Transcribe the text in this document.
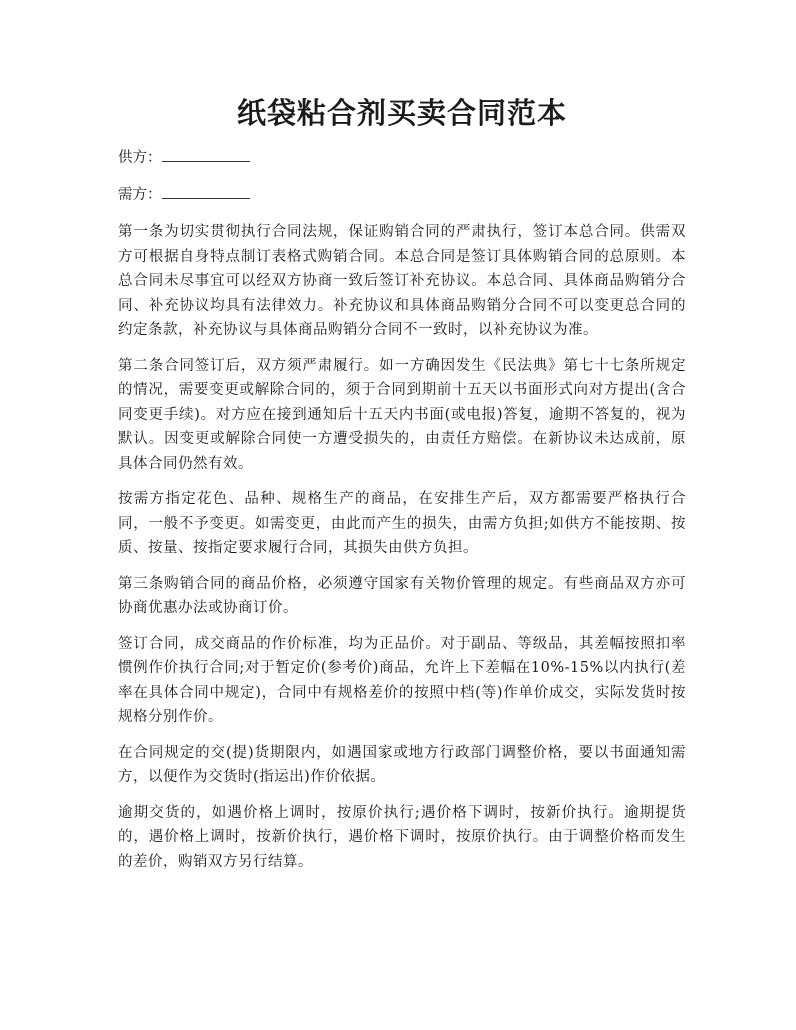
纸袋粘合剂买卖合同范本
供方：
需方：

第一条为切实贯彻执行合同法规，保证购销合同的严肃执行，签订本总合同。供需双方可根据自身特点制订表格式购销合同。本总合同是签订具体购销合同的总原则。本总合同未尽事宜可以经双方协商一致后签订补充协议。本总合同、具体商品购销分合同、补充协议均具有法律效力。补充协议和具体商品购销分合同不可以变更总合同的约定条款，补充协议与具体商品购销分合同不一致时，以补充协议为准。

第二条合同签订后，双方须严肃履行。如一方确因发生《民法典》第七十七条所规定的情况，需要变更或解除合同的，须于合同到期前十五天以书面形式向对方提出(含合同变更手续)。对方应在接到通知后十五天内书面(或电报)答复，逾期不答复的，视为默认。因变更或解除合同使一方遭受损失的，由责任方赔偿。在新协议未达成前，原具体合同仍然有效。

按需方指定花色、品种、规格生产的商品，在安排生产后，双方都需要严格执行合同，一般不予变更。如需变更，由此而产生的损失，由需方负担;如供方不能按期、按质、按量、按指定要求履行合同，其损失由供方负担。

第三条购销合同的商品价格，必须遵守国家有关物价管理的规定。有些商品双方亦可协商优惠办法或协商订价。

签订合同，成交商品的作价标准，均为正品价。对于副品、等级品，其差幅按照扣率惯例作价执行合同;对于暂定价(参考价)商品，允许上下差幅在10%-15%以内执行(差率在具体合同中规定)，合同中有规格差价的按照中档(等)作单价成交，实际发货时按规格分别作价。

在合同规定的交(提)货期限内，如遇国家或地方行政部门调整价格，要以书面通知需方，以便作为交货时(指运出)作价依据。

逾期交货的，如遇价格上调时，按原价执行;遇价格下调时，按新价执行。逾期提货的，遇价格上调时，按新价执行，遇价格下调时，按原价执行。由于调整价格而发生的差价，购销双方另行结算。
